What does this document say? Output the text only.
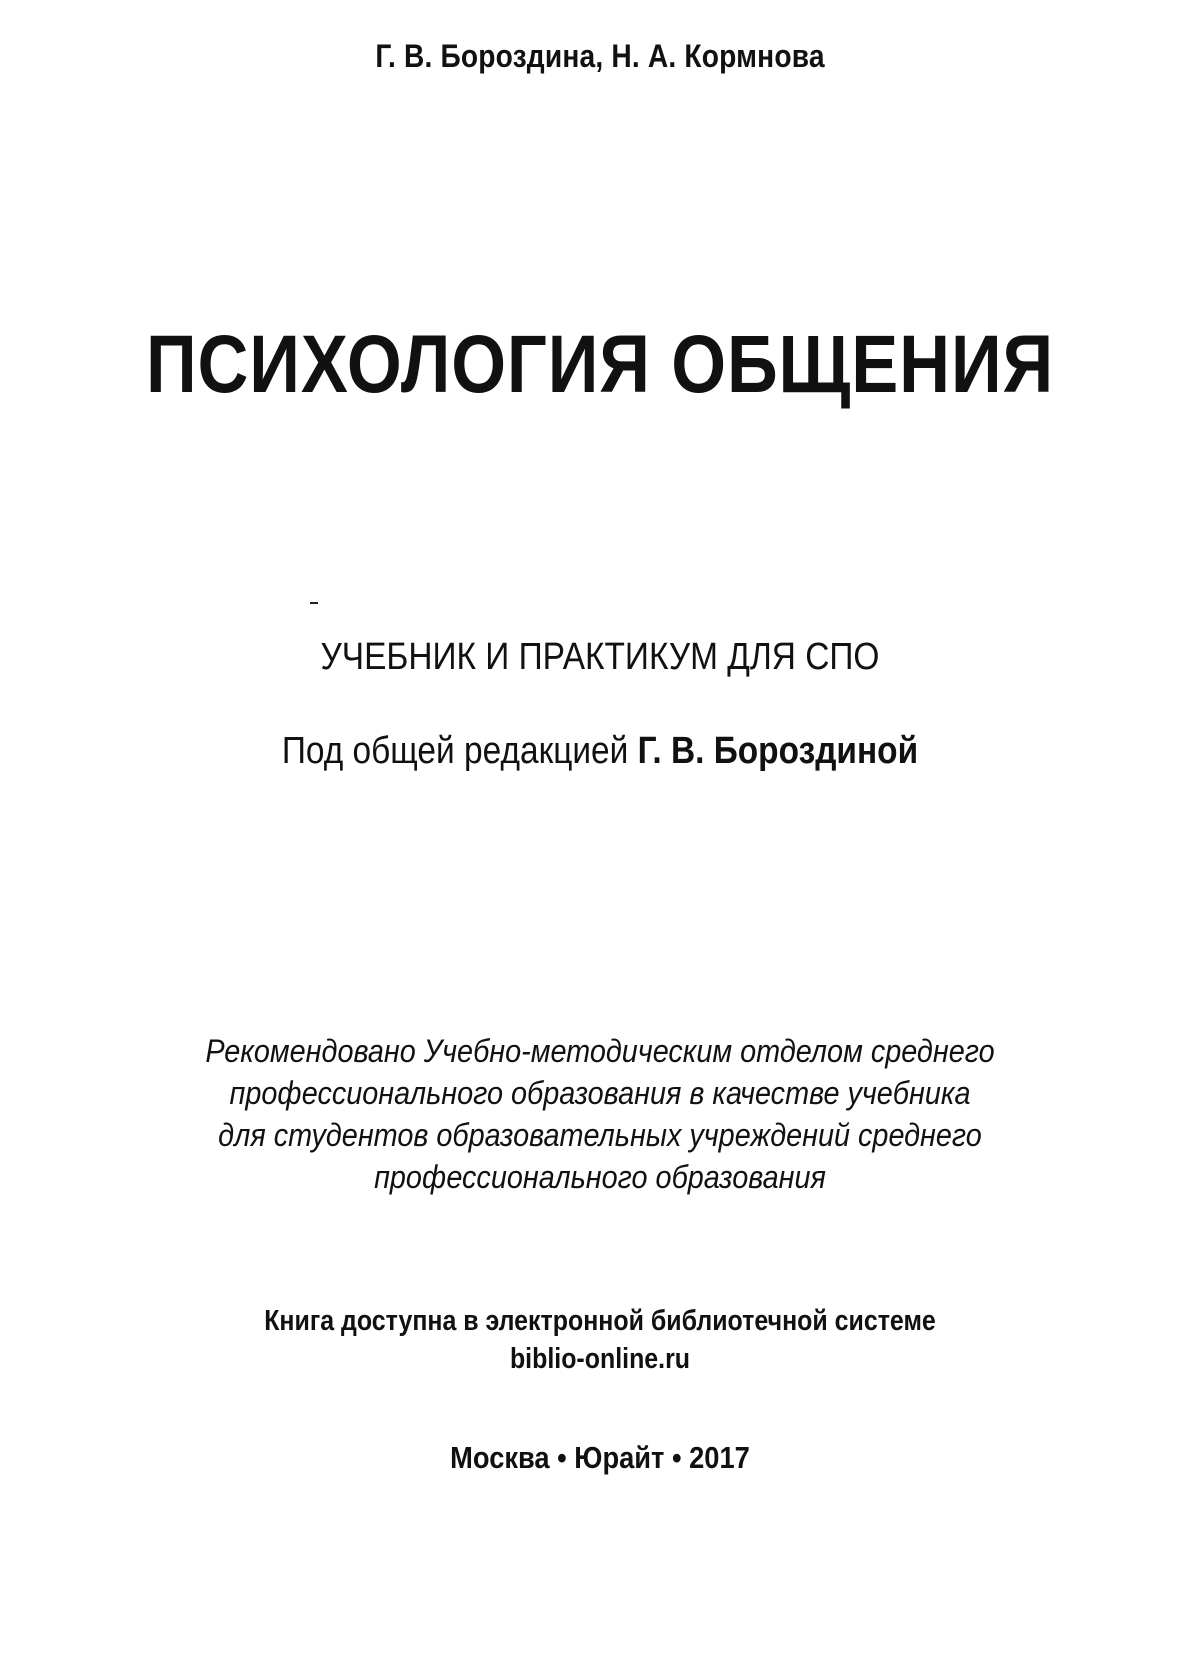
Г. В. Бороздина, Н. А. Кормнова
ПСИХОЛОГИЯ ОБЩЕНИЯ
УЧЕБНИК И ПРАКТИКУМ ДЛЯ СПО
Под общей редакцией Г. В. Бороздиной
Рекомендовано Учебно-методическим отделом среднего
профессионального образования в качестве учебника
для студентов образовательных учреждений среднего
профессионального образования
Книга доступна в электронной библиотечной системе
biblio-online.ru
Москва • Юрайт • 2017
